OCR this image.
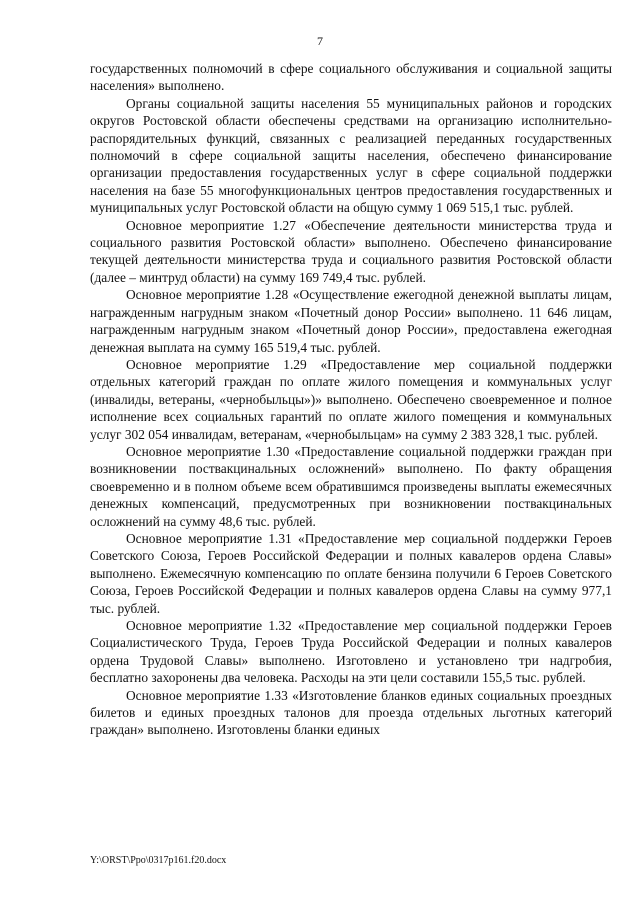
7

государственных полномочий в сфере социального обслуживания и социальной защиты населения» выполнено.

Органы социальной защиты населения 55 муниципальных районов и городских округов Ростовской области обеспечены средствами на организацию исполнительно-распорядительных функций, связанных с реализацией переданных государственных полномочий в сфере социальной защиты населения, обеспечено финансирование организации предоставления государственных услуг в сфере социальной поддержки населения на базе 55 многофункциональных центров предоставления государственных и муниципальных услуг Ростовской области на общую сумму 1 069 515,1 тыс. рублей.

Основное мероприятие 1.27 «Обеспечение деятельности министерства труда и социального развития Ростовской области» выполнено. Обеспечено финансирование текущей деятельности министерства труда и социального развития Ростовской области (далее – минтруд области) на сумму 169 749,4 тыс. рублей.

Основное мероприятие 1.28 «Осуществление ежегодной денежной выплаты лицам, награжденным нагрудным знаком «Почетный донор России» выполнено. 11 646 лицам, награжденным нагрудным знаком «Почетный донор России», предоставлена ежегодная денежная выплата на сумму 165 519,4 тыс. рублей.

Основное мероприятие 1.29 «Предоставление мер социальной поддержки отдельных категорий граждан по оплате жилого помещения и коммунальных услуг (инвалиды, ветераны, «чернобыльцы»)» выполнено. Обеспечено своевременное и полное исполнение всех социальных гарантий по оплате жилого помещения и коммунальных услуг 302 054 инвалидам, ветеранам, «чернобыльцам» на сумму 2 383 328,1 тыс. рублей.

Основное мероприятие 1.30 «Предоставление социальной поддержки граждан при возникновении поствакцинальных осложнений» выполнено. По факту обращения своевременно и в полном объеме всем обратившимся произведены выплаты ежемесячных денежных компенсаций, предусмотренных при возникновении поствакцинальных осложнений на сумму 48,6 тыс. рублей.

Основное мероприятие 1.31 «Предоставление мер социальной поддержки Героев Советского Союза, Героев Российской Федерации и полных кавалеров ордена Славы» выполнено. Ежемесячную компенсацию по оплате бензина получили 6 Героев Советского Союза, Героев Российской Федерации и полных кавалеров ордена Славы на сумму 977,1 тыс. рублей.

Основное мероприятие 1.32 «Предоставление мер социальной поддержки Героев Социалистического Труда, Героев Труда Российской Федерации и полных кавалеров ордена Трудовой Славы» выполнено. Изготовлено и установлено три надгробия, бесплатно захоронены два человека. Расходы на эти цели составили 155,5 тыс. рублей.

Основное мероприятие 1.33 «Изготовление бланков единых социальных проездных билетов и единых проездных талонов для проезда отдельных льготных категорий граждан» выполнено. Изготовлены бланки единых

Y:\ORST\Ppo\0317p161.f20.docx
